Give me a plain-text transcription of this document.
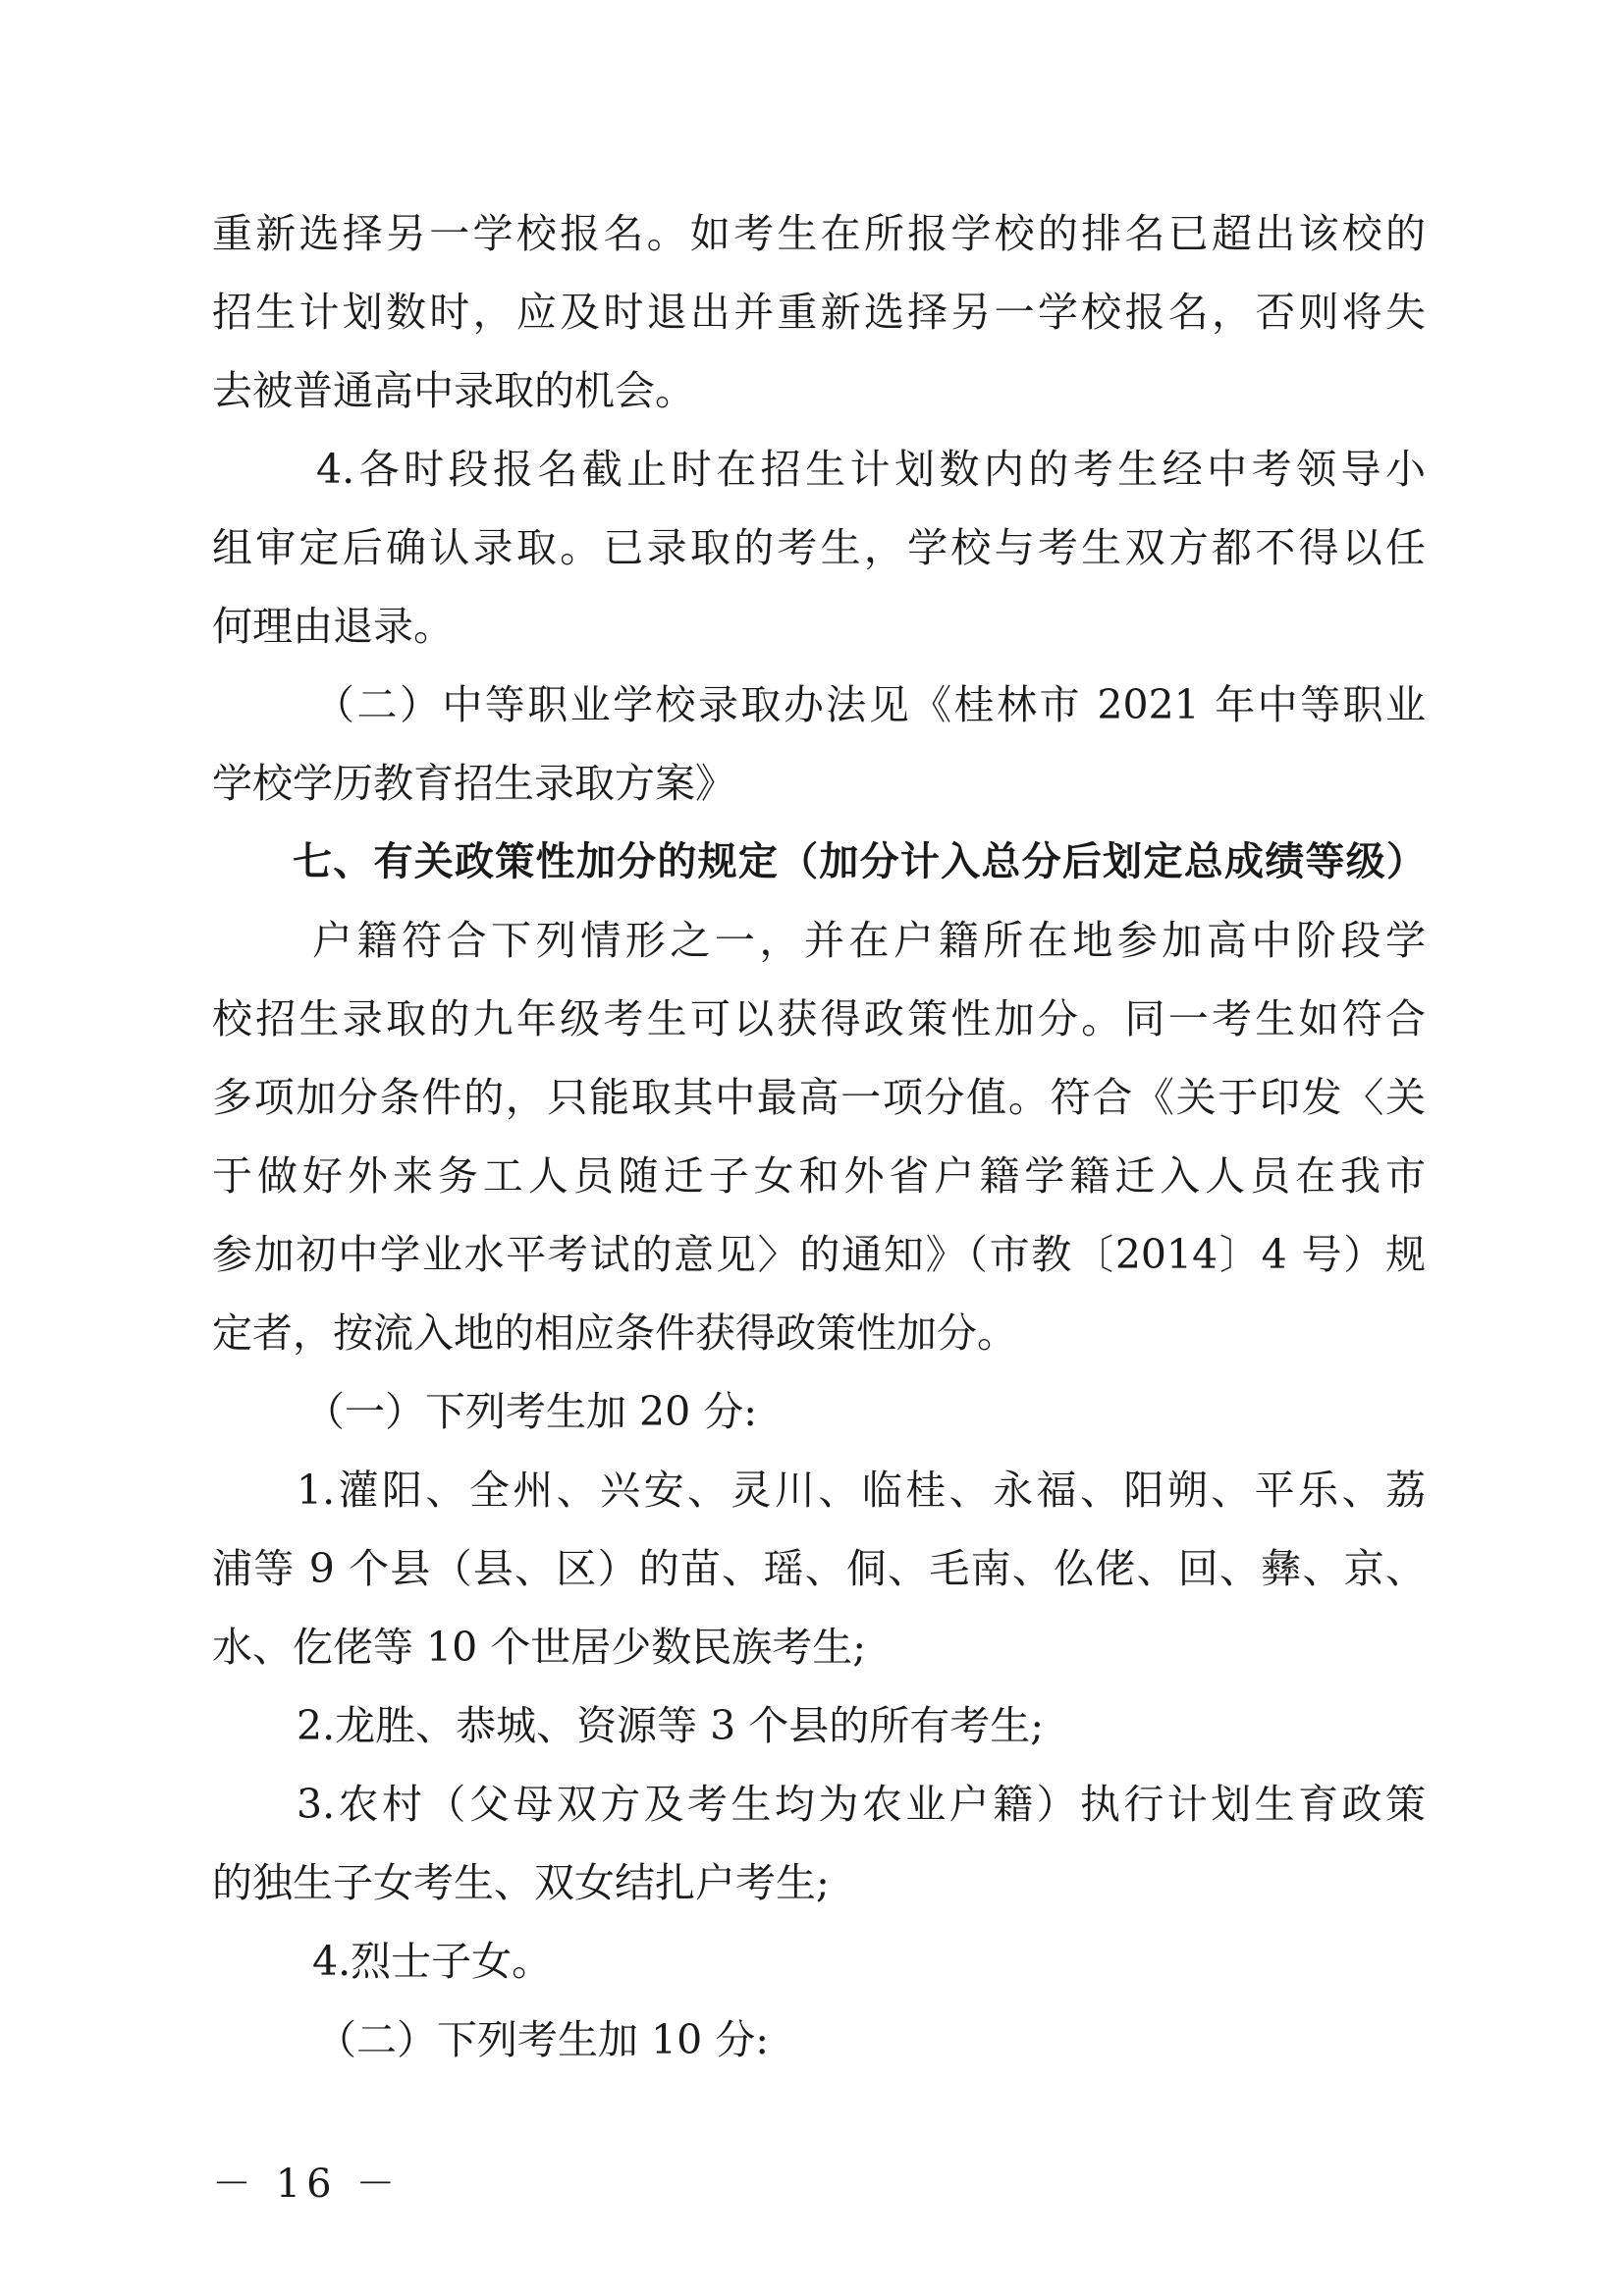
重新选择另一学校报名。如考生在所报学校的排名已超出该校的
招生计划数时，应及时退出并重新选择另一学校报名，否则将失
去被普通高中录取的机会。
4.各时段报名截止时在招生计划数内的考生经中考领导小
组审定后确认录取。已录取的考生，学校与考生双方都不得以任
何理由退录。
（二）中等职业学校录取办法见《桂林市 2021 年中等职业
学校学历教育招生录取方案》
七、有关政策性加分的规定（加分计入总分后划定总成绩等级）
户籍符合下列情形之一，并在户籍所在地参加高中阶段学
校招生录取的九年级考生可以获得政策性加分。同一考生如符合
多项加分条件的，只能取其中最高一项分值。符合《关于印发〈关
于做好外来务工人员随迁子女和外省户籍学籍迁入人员在我市
参加初中学业水平考试的意见〉的通知》（市教〔2014〕4 号）规
定者，按流入地的相应条件获得政策性加分。
（一）下列考生加 20 分:
1.灌阳、全州、兴安、灵川、临桂、永福、阳朔、平乐、荔
浦等 9 个县（县、区）的苗、瑶、侗、毛南、仫佬、回、彝、京、
水、仡佬等 10 个世居少数民族考生;
2.龙胜、恭城、资源等 3 个县的所有考生;
3.农村（父母双方及考生均为农业户籍）执行计划生育政策
的独生子女考生、双女结扎户考生;
4.烈士子女。
（二）下列考生加 10 分:
－ 16 －
